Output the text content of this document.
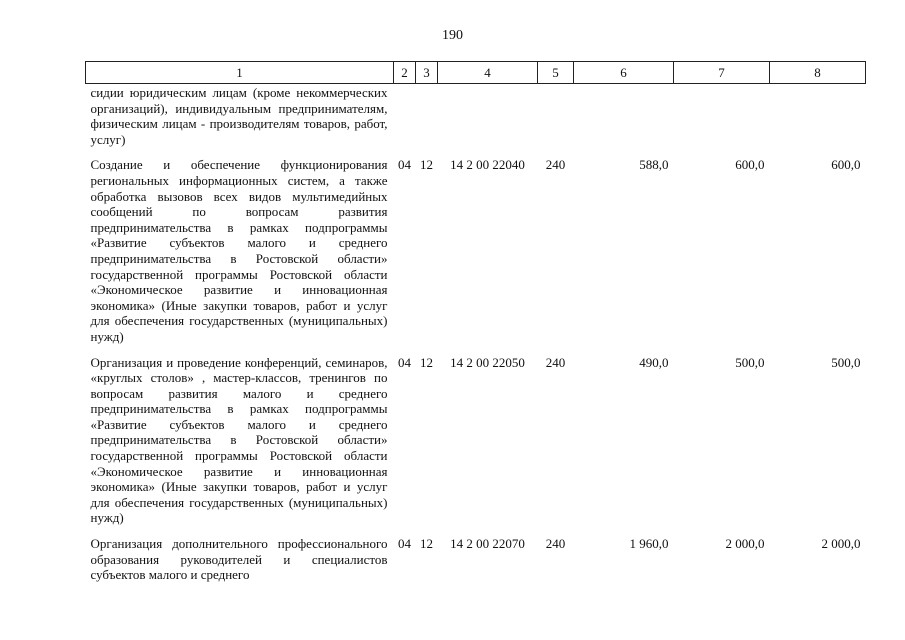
190
1	2	3	4	5	6	7	8
сидии юридическим лицам (кроме некоммерческих организаций), индивидуальным предпринимателям, физическим лицам - производителям товаров, работ, услуг)							
Создание и обеспечение функционирования региональных информационных систем, а также обработка вызовов всех видов мультимедийных сообщений по вопросам развития предпринимательства в рамках подпрограммы «Развитие субъектов малого и среднего предпринимательства в Ростовской области» государственной программы Ростовской области «Экономическое развитие и инновационная экономика» (Иные закупки товаров, работ и услуг для обеспечения государственных (муниципальных) нужд)	04	12	14 2 00 22040	240	588,0	600,0	600,0
Организация и проведение конференций, семинаров, «круглых столов» , мастер-классов, тренингов по вопросам развития малого и среднего предпринимательства в рамках подпрограммы «Развитие субъектов малого и среднего предпринимательства в Ростовской области» государственной программы Ростовской области «Экономическое развитие и инновационная экономика» (Иные закупки товаров, работ и услуг для обеспечения государственных (муниципальных) нужд)	04	12	14 2 00 22050	240	490,0	500,0	500,0
Организация дополнительного профессионального образования руководителей и специалистов субъектов малого и среднего	04	12	14 2 00 22070	240	1 960,0	2 000,0	2 000,0
